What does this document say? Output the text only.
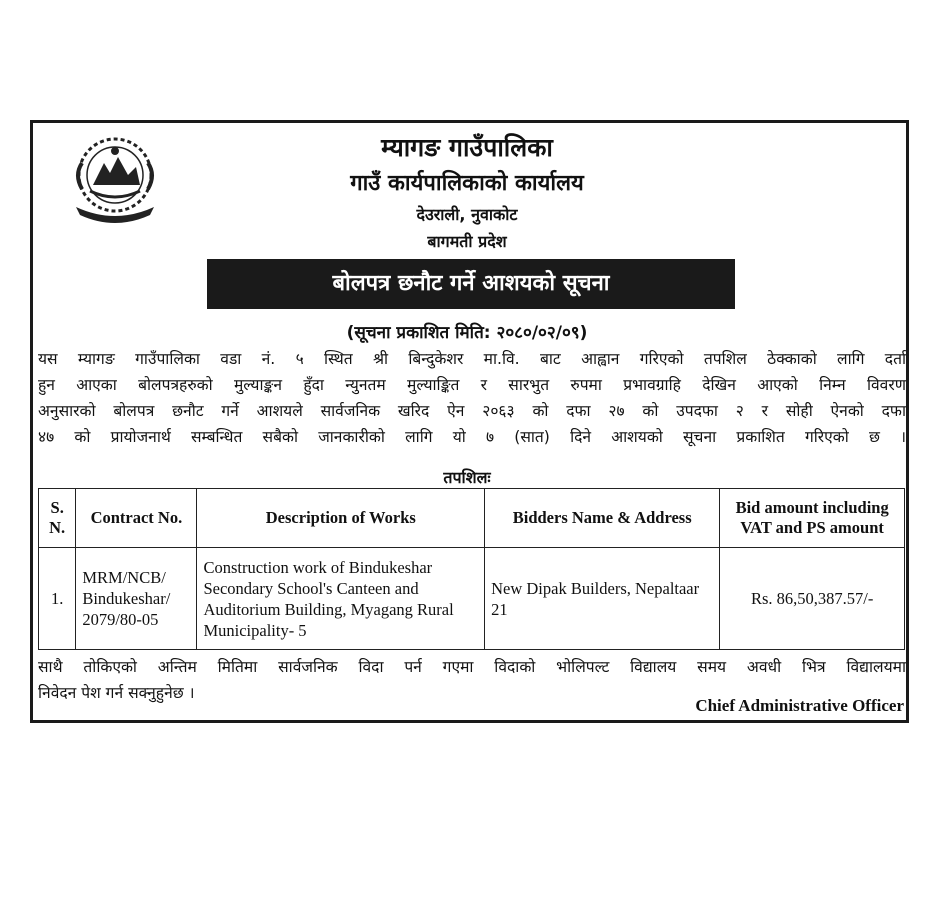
म्यागङ गाउँपालिका
गाउँ कार्यपालिकाको कार्यालय
देउराली, नुवाकोट
बागमती प्रदेश
बोलपत्र छनौट गर्ने आशयको सूचना
(सूचना प्रकाशित मिति: २०८०/०२/०९)
यस म्यागङ गाउँपालिका वडा नं. ५ स्थित श्री बिन्दुकेशर मा.वि. बाट आह्वान गरिएको तपशिल ठेक्काको लागि दर्ता
हुन आएका बोलपत्रहरुको मुल्याङ्कन हुँदा न्युनतम मुल्याङ्कित र सारभुत रुपमा प्रभावग्राहि देखिन आएको निम्न विवरण
अनुसारको बोलपत्र छनौट गर्ने आशयले सार्वजनिक खरिद ऐन २०६३ को दफा २७ को उपदफा २ र सोही ऐनको दफा
४७ को प्रायोजनार्थ सम्बन्धित सबैको जानकारीको लागि यो ७ (सात) दिने आशयको सूचना प्रकाशित गरिएको छ ।
तपशिलः
S. N.	Contract No.	Description of Works	Bidders Name & Address	Bid amount including VAT and PS amount
1.	MRM/NCB/ Bindukeshar/ 2079/80-05	Construction work of Bindukeshar Secondary School's Canteen and Auditorium Building, Myagang Rural Municipality- 5	New Dipak Builders, Nepaltaar 21	Rs. 86,50,387.57/-
साथै तोकिएको अन्तिम मितिमा सार्वजनिक विदा पर्न गएमा विदाको भोलिपल्ट विद्यालय समय अवधी भित्र विद्यालयमा
निवेदन पेश गर्न सक्नुहुनेछ ।
Chief Administrative Officer
